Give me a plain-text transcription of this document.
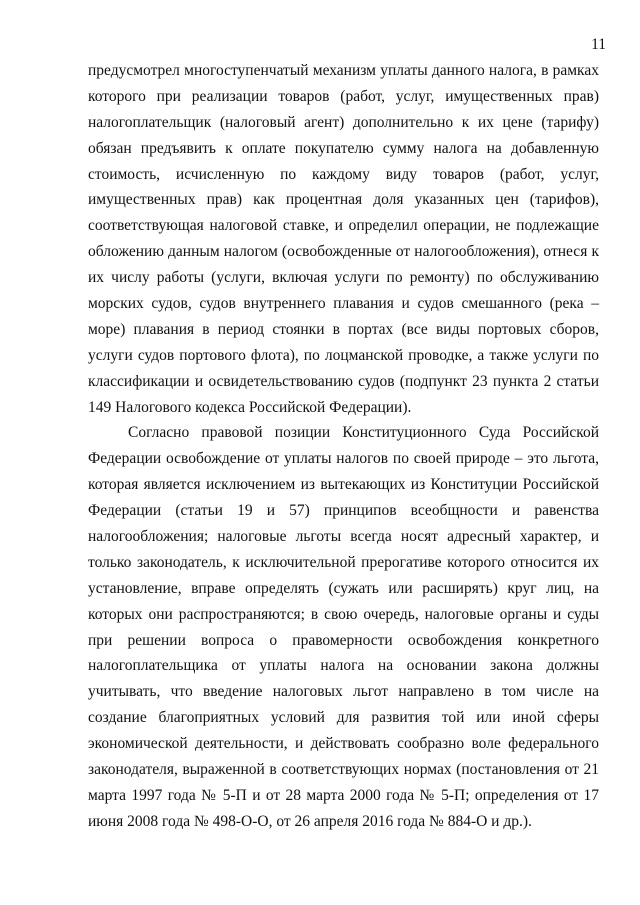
11
предусмотрел многоступенчатый механизм уплаты данного налога, в рамках
которого при реализации товаров (работ, услуг, имущественных прав)
налогоплательщик (налоговый агент) дополнительно к их цене (тарифу)
обязан предъявить к оплате покупателю сумму налога на добавленную
стоимость, исчисленную по каждому виду товаров (работ, услуг,
имущественных прав) как процентная доля указанных цен (тарифов),
соответствующая налоговой ставке, и определил операции, не подлежащие
обложению данным налогом (освобожденные от налогообложения), отнеся к
их числу работы (услуги, включая услуги по ремонту) по обслуживанию
морских судов, судов внутреннего плавания и судов смешанного (река –
море) плавания в период стоянки в портах (все виды портовых сборов,
услуги судов портового флота), по лоцманской проводке, а также услуги по
классификации и освидетельствованию судов (подпункт 23 пункта 2 статьи
149 Налогового кодекса Российской Федерации).
Согласно правовой позиции Конституционного Суда Российской
Федерации освобождение от уплаты налогов по своей природе – это льгота,
которая является исключением из вытекающих из Конституции Российской
Федерации (статьи 19 и 57) принципов всеобщности и равенства
налогообложения; налоговые льготы всегда носят адресный характер, и
только законодатель, к исключительной прерогативе которого относится их
установление, вправе определять (сужать или расширять) круг лиц, на
которых они распространяются; в свою очередь, налоговые органы и суды
при решении вопроса о правомерности освобождения конкретного
налогоплательщика от уплаты налога на основании закона должны
учитывать, что введение налоговых льгот направлено в том числе на
создание благоприятных условий для развития той или иной сферы
экономической деятельности, и действовать сообразно воле федерального
законодателя, выраженной в соответствующих нормах (постановления от 21
марта 1997 года № 5-П и от 28 марта 2000 года № 5-П; определения от 17
июня 2008 года № 498-О-О, от 26 апреля 2016 года № 884-О и др.).
